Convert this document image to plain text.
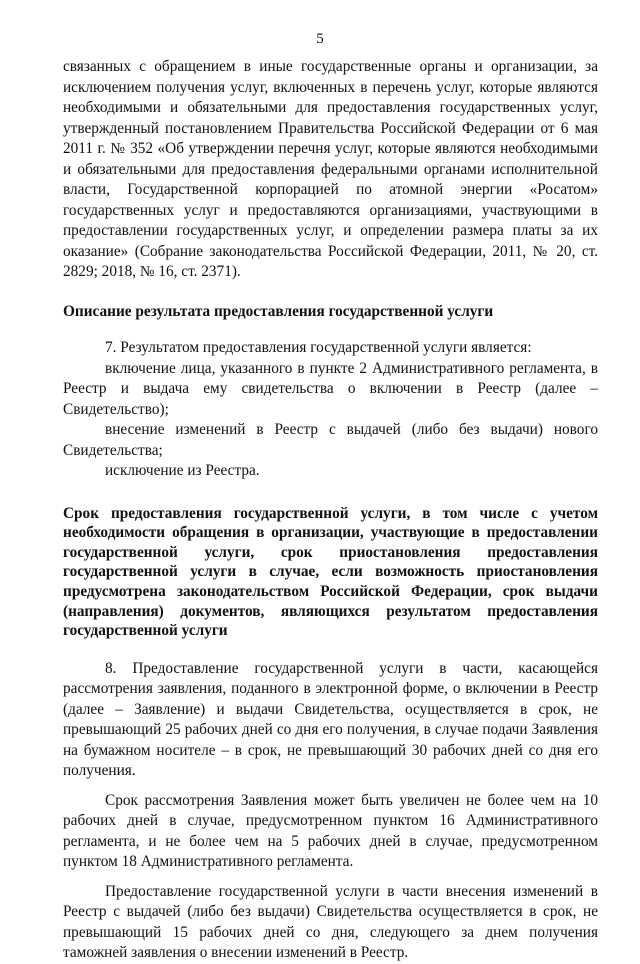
5

связанных с обращением в иные государственные органы и организации, за исключением получения услуг, включенных в перечень услуг, которые являются необходимыми и обязательными для предоставления государственных услуг, утвержденный постановлением Правительства Российской Федерации от 6 мая 2011 г. № 352 «Об утверждении перечня услуг, которые являются необходимыми и обязательными для предоставления федеральными органами исполнительной власти, Государственной корпорацией по атомной энергии «Росатом» государственных услуг и предоставляются организациями, участвующими в предоставлении государственных услуг, и определении размера платы за их оказание» (Собрание законодательства Российской Федерации, 2011, № 20, ст. 2829; 2018, № 16, ст. 2371).

Описание результата предоставления государственной услуги

7. Результатом предоставления государственной услуги является:

включение лица, указанного в пункте 2 Административного регламента, в Реестр и выдача ему свидетельства о включении в Реестр (далее – Свидетельство);

внесение изменений в Реестр с выдачей (либо без выдачи) нового Свидетельства;

исключение из Реестра.

Срок предоставления государственной услуги, в том числе с учетом необходимости обращения в организации, участвующие в предоставлении государственной услуги, срок приостановления предоставления государственной услуги в случае, если возможность приостановления предусмотрена законодательством Российской Федерации, срок выдачи (направления) документов, являющихся результатом предоставления государственной услуги

8. Предоставление государственной услуги в части, касающейся рассмотрения заявления, поданного в электронной форме, о включении в Реестр (далее – Заявление) и выдачи Свидетельства, осуществляется в срок, не превышающий 25 рабочих дней со дня его получения, в случае подачи Заявления на бумажном носителе – в срок, не превышающий 30 рабочих дней со дня его получения.

Срок рассмотрения Заявления может быть увеличен не более чем на 10 рабочих дней в случае, предусмотренном пунктом 16 Административного регламента, и не более чем на 5 рабочих дней в случае, предусмотренном пунктом 18 Административного регламента.

Предоставление государственной услуги в части внесения изменений в Реестр с выдачей (либо без выдачи) Свидетельства осуществляется в срок, не превышающий 15 рабочих дней со дня, следующего за днем получения таможней заявления о внесении изменений в Реестр.
